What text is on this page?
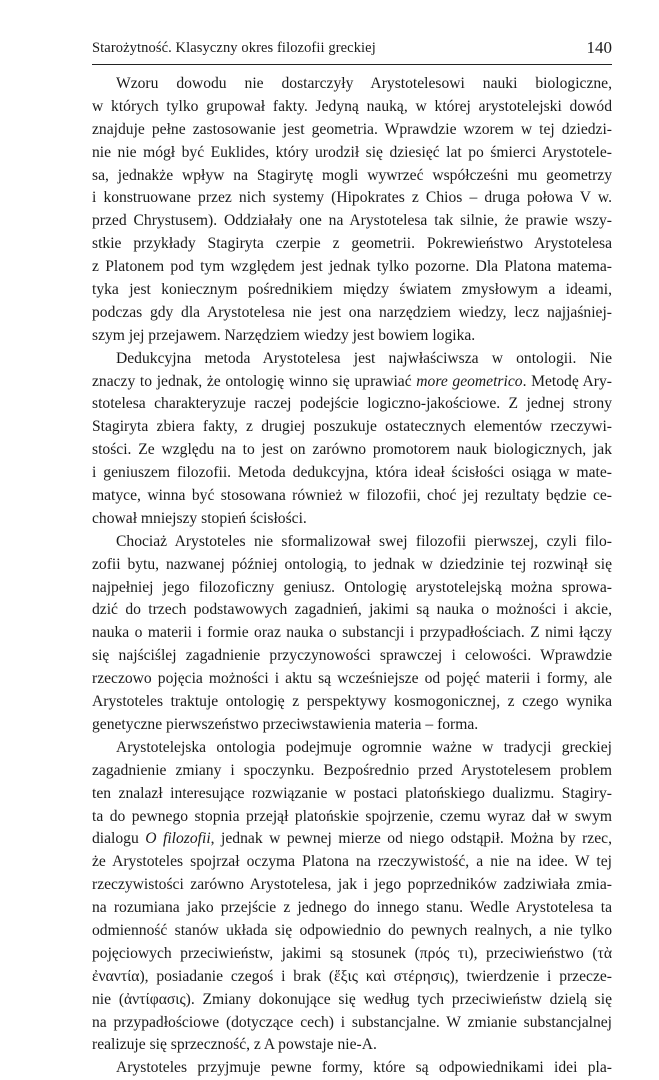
Starożytność. Klasyczny okres filozofii greckiej	140
Wzoru dowodu nie dostarczyły Arystotelesowi nauki biologiczne,
w których tylko grupował fakty. Jedyną nauką, w której arystotelejski dowód
znajduje pełne zastosowanie jest geometria. Wprawdzie wzorem w tej dziedzi-
nie nie mógł być Euklides, który urodził się dziesięć lat po śmierci Arystotele-
sa, jednakże wpływ na Stagirytę mogli wywrzeć współcześni mu geometrzy
i konstruowane przez nich systemy (Hipokrates z Chios – druga połowa V w.
przed Chrystusem). Oddziałały one na Arystotelesa tak silnie, że prawie wszy-
stkie przykłady Stagiryta czerpie z geometrii. Pokrewieństwo Arystotelesa
z Platonem pod tym względem jest jednak tylko pozorne. Dla Platona matema-
tyka jest koniecznym pośrednikiem między światem zmysłowym a ideami,
podczas gdy dla Arystotelesa nie jest ona narzędziem wiedzy, lecz najjaśniej-
szym jej przejawem. Narzędziem wiedzy jest bowiem logika.
Dedukcyjna metoda Arystotelesa jest najwłaściwsza w ontologii. Nie
znaczy to jednak, że ontologię winno się uprawiać more geometrico. Metodę Ary-
stotelesa charakteryzuje raczej podejście logiczno-jakościowe. Z jednej strony
Stagiryta zbiera fakty, z drugiej poszukuje ostatecznych elementów rzeczywi-
stości. Ze względu na to jest on zarówno promotorem nauk biologicznych, jak
i geniuszem filozofii. Metoda dedukcyjna, która ideał ścisłości osiąga w mate-
matyce, winna być stosowana również w filozofii, choć jej rezultaty będzie ce-
chował mniejszy stopień ścisłości.
Chociaż Arystoteles nie sformalizował swej filozofii pierwszej, czyli filo-
zofii bytu, nazwanej później ontologią, to jednak w dziedzinie tej rozwinął się
najpełniej jego filozoficzny geniusz. Ontologię arystotelejską można sprowa-
dzić do trzech podstawowych zagadnień, jakimi są nauka o możności i akcie,
nauka o materii i formie oraz nauka o substancji i przypadłościach. Z nimi łączy
się najściślej zagadnienie przyczynowości sprawczej i celowości. Wprawdzie
rzeczowo pojęcia możności i aktu są wcześniejsze od pojęć materii i formy, ale
Arystoteles traktuje ontologię z perspektywy kosmogonicznej, z czego wynika
genetyczne pierwszeństwo przeciwstawienia materia – forma.
Arystotelejska ontologia podejmuje ogromnie ważne w tradycji greckiej
zagadnienie zmiany i spoczynku. Bezpośrednio przed Arystotelesem problem
ten znalazł interesujące rozwiązanie w postaci platońskiego dualizmu. Stagiry-
ta do pewnego stopnia przejął platońskie spojrzenie, czemu wyraz dał w swym
dialogu O filozofii, jednak w pewnej mierze od niego odstąpił. Można by rzec,
że Arystoteles spojrzał oczyma Platona na rzeczywistość, a nie na idee. W tej
rzeczywistości zarówno Arystotelesa, jak i jego poprzedników zadziwiała zmia-
na rozumiana jako przejście z jednego do innego stanu. Wedle Arystotelesa ta
odmienność stanów układa się odpowiednio do pewnych realnych, a nie tylko
pojęciowych przeciwieństw, jakimi są stosunek (πρός τι), przeciwieństwo (τὰ
ἐναντία), posiadanie czegoś i brak (ἕξις καὶ στέρησις), twierdzenie i przecze-
nie (ἀντίφασις). Zmiany dokonujące się według tych przeciwieństw dzielą się
na przypadłościowe (dotyczące cech) i substancjalne. W zmianie substancjalnej
realizuje się sprzeczność, z A powstaje nie-A.
Arystoteles przyjmuje pewne formy, które są odpowiednikami idei pla-
